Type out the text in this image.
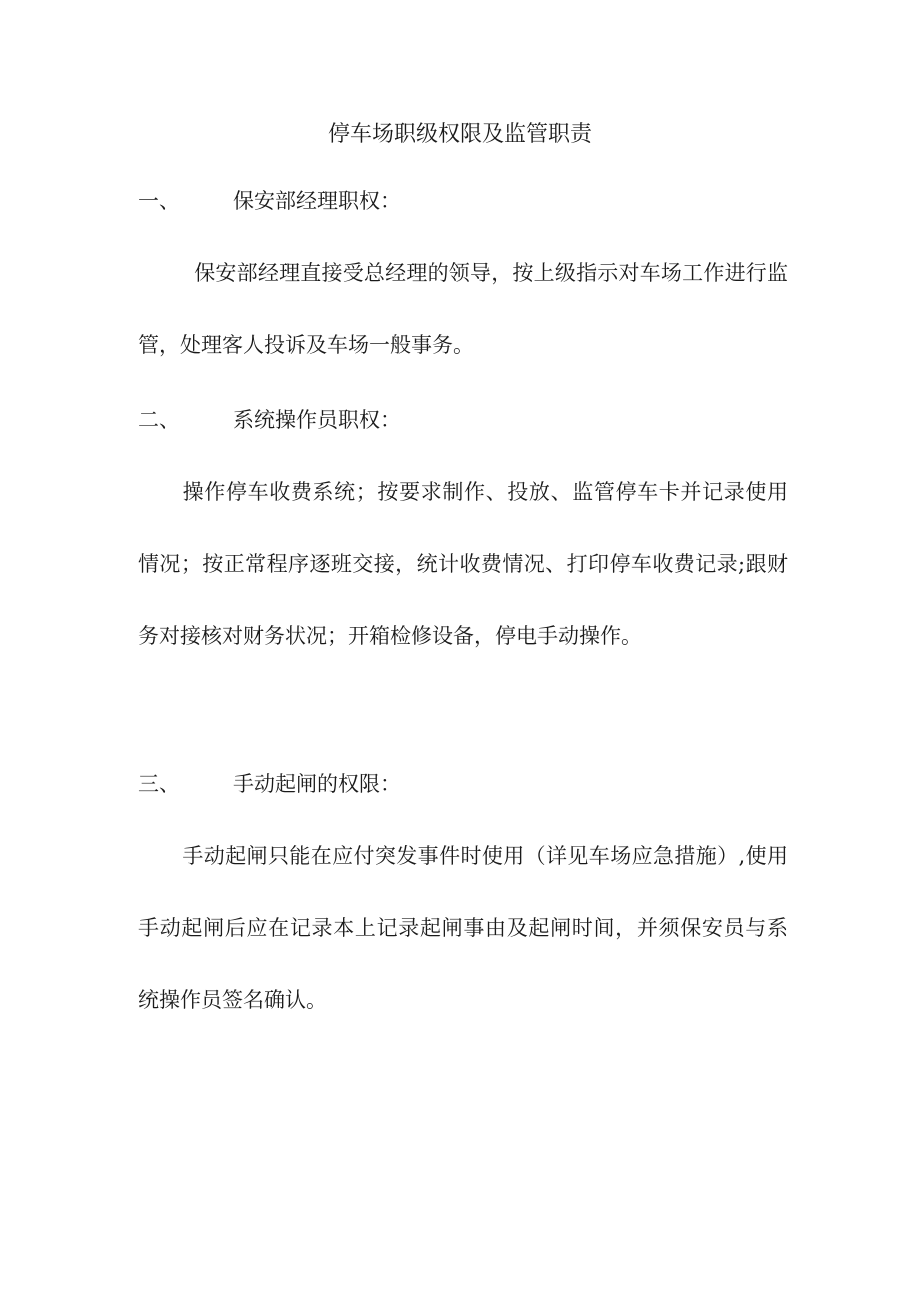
停车场职级权限及监管职责
一、	保安部经理职权：
保安部经理直接受总经理的领导，按上级指示对车场工作进行监管，处理客人投诉及车场一般事务。
二、	系统操作员职权：
操作停车收费系统；按要求制作、投放、监管停车卡并记录使用情况；按正常程序逐班交接，统计收费情况、打印停车收费记录;跟财务对接核对财务状况；开箱检修设备，停电手动操作。
三、	手动起闸的权限：
手动起闸只能在应付突发事件时使用（详见车场应急措施）,使用手动起闸后应在记录本上记录起闸事由及起闸时间，并须保安员与系统操作员签名确认。
